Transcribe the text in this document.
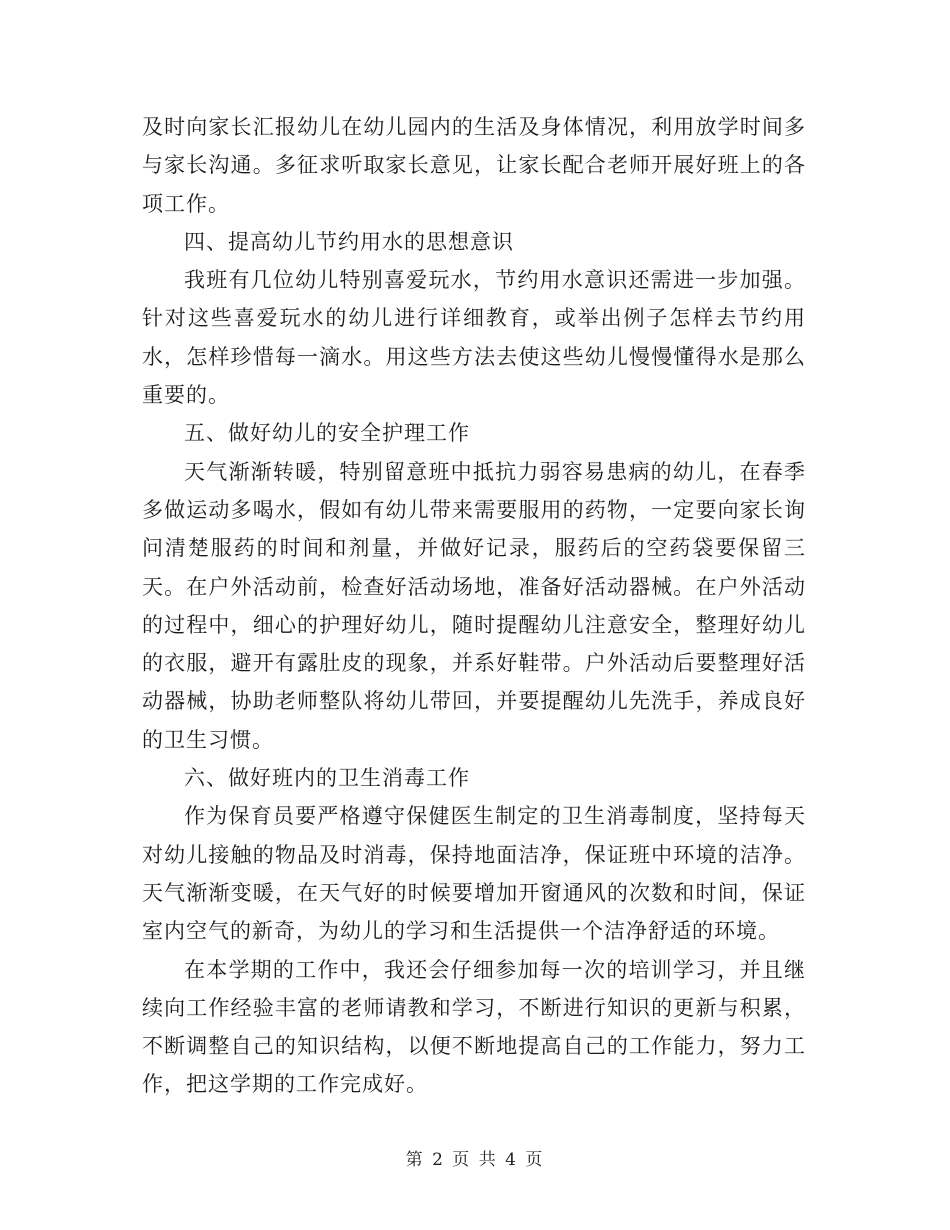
及时向家长汇报幼儿在幼儿园内的生活及身体情况，利用放学时间多与家长沟通。多征求听取家长意见，让家长配合老师开展好班上的各项工作。

四、提高幼儿节约用水的思想意识

我班有几位幼儿特别喜爱玩水，节约用水意识还需进一步加强。针对这些喜爱玩水的幼儿进行详细教育，或举出例子怎样去节约用水，怎样珍惜每一滴水。用这些方法去使这些幼儿慢慢懂得水是那么重要的。

五、做好幼儿的安全护理工作

天气渐渐转暖，特别留意班中抵抗力弱容易患病的幼儿，在春季多做运动多喝水，假如有幼儿带来需要服用的药物，一定要向家长询问清楚服药的时间和剂量，并做好记录，服药后的空药袋要保留三天。在户外活动前，检查好活动场地，准备好活动器械。在户外活动的过程中，细心的护理好幼儿，随时提醒幼儿注意安全，整理好幼儿的衣服，避开有露肚皮的现象，并系好鞋带。户外活动后要整理好活动器械，协助老师整队将幼儿带回，并要提醒幼儿先洗手，养成良好的卫生习惯。

六、做好班内的卫生消毒工作

作为保育员要严格遵守保健医生制定的卫生消毒制度，坚持每天对幼儿接触的物品及时消毒，保持地面洁净，保证班中环境的洁净。天气渐渐变暖，在天气好的时候要增加开窗通风的次数和时间，保证室内空气的新奇，为幼儿的学习和生活提供一个洁净舒适的环境。

在本学期的工作中，我还会仔细参加每一次的培训学习，并且继续向工作经验丰富的老师请教和学习，不断进行知识的更新与积累，不断调整自己的知识结构，以便不断地提高自己的工作能力，努力工作，把这学期的工作完成好。

第 2 页 共 4 页
